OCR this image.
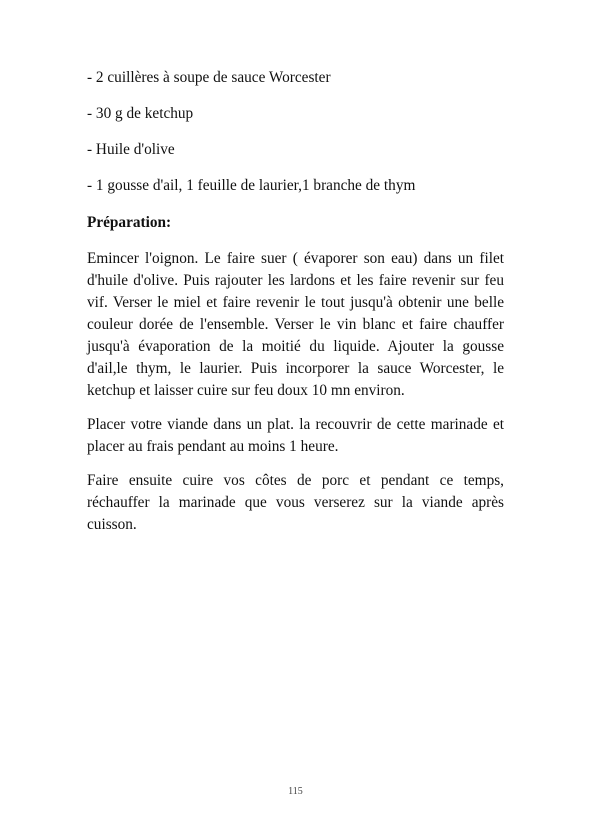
- 2 cuillères à soupe de sauce Worcester
- 30 g de ketchup
- Huile d'olive
- 1 gousse d'ail, 1 feuille de laurier,1 branche de thym
Préparation:

Emincer l'oignon. Le faire suer ( évaporer son eau) dans un filet d'huile d'olive. Puis rajouter les lardons et les faire revenir sur feu vif. Verser le miel et faire revenir le tout jusqu'à obtenir une belle couleur dorée de l'ensemble. Verser le vin blanc et faire chauffer jusqu'à évaporation de la moitié du liquide. Ajouter la gousse d'ail,le thym, le laurier. Puis incorporer la sauce Worcester, le ketchup et laisser cuire sur feu doux 10 mn environ.

Placer votre viande dans un plat. la recouvrir de cette marinade et placer au frais pendant au moins 1 heure.

Faire ensuite cuire vos côtes de porc et pendant ce temps, réchauffer la marinade que vous verserez sur la viande après cuisson.

115
